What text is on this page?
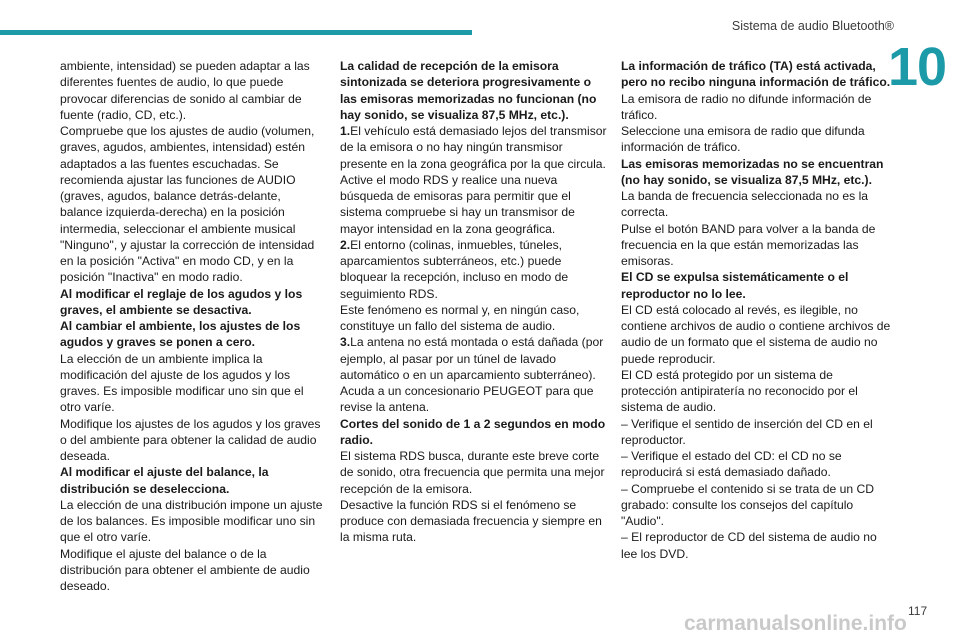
Sistema de audio Bluetooth®
10

ambiente, intensidad) se pueden adaptar a las diferentes fuentes de audio, lo que puede provocar diferencias de sonido al cambiar de fuente (radio, CD, etc.).

Compruebe que los ajustes de audio (volumen, graves, agudos, ambientes, intensidad) estén adaptados a las fuentes escuchadas. Se recomienda ajustar las funciones de AUDIO (graves, agudos, balance detrás-delante, balance izquierda-derecha) en la posición intermedia, seleccionar el ambiente musical "Ninguno", y ajustar la corrección de intensidad en la posición "Activa" en modo CD, y en la posición "Inactiva" en modo radio.

Al modificar el reglaje de los agudos y los graves, el ambiente se desactiva.

Al cambiar el ambiente, los ajustes de los agudos y graves se ponen a cero.

La elección de un ambiente implica la modificación del ajuste de los agudos y los graves. Es imposible modificar uno sin que el otro varíe.

Modifique los ajustes de los agudos y los graves o del ambiente para obtener la calidad de audio deseada.

Al modificar el ajuste del balance, la distribución se deselecciona.

La elección de una distribución impone un ajuste de los balances. Es imposible modificar uno sin que el otro varíe.

Modifique el ajuste del balance o de la distribución para obtener el ambiente de audio deseado.

La calidad de recepción de la emisora sintonizada se deteriora progresivamente o las emisoras memorizadas no funcionan (no hay sonido, se visualiza 87,5 MHz, etc.).

1.El vehículo está demasiado lejos del transmisor de la emisora o no hay ningún transmisor presente en la zona geográfica por la que circula.

Active el modo RDS y realice una nueva búsqueda de emisoras para permitir que el sistema compruebe si hay un transmisor de mayor intensidad en la zona geográfica.

2.El entorno (colinas, inmuebles, túneles, aparcamientos subterráneos, etc.) puede bloquear la recepción, incluso en modo de seguimiento RDS.

Este fenómeno es normal y, en ningún caso, constituye un fallo del sistema de audio.

3.La antena no está montada o está dañada (por ejemplo, al pasar por un túnel de lavado automático o en un aparcamiento subterráneo).

Acuda a un concesionario PEUGEOT para que revise la antena.

Cortes del sonido de 1 a 2 segundos en modo radio.

El sistema RDS busca, durante este breve corte de sonido, otra frecuencia que permita una mejor recepción de la emisora.

Desactive la función RDS si el fenómeno se produce con demasiada frecuencia y siempre en la misma ruta.

La información de tráfico (TA) está activada, pero no recibo ninguna información de tráfico.

La emisora de radio no difunde información de tráfico.

Seleccione una emisora de radio que difunda información de tráfico.

Las emisoras memorizadas no se encuentran (no hay sonido, se visualiza 87,5 MHz, etc.).

La banda de frecuencia seleccionada no es la correcta.

Pulse el botón BAND para volver a la banda de frecuencia en la que están memorizadas las emisoras.

El CD se expulsa sistemáticamente o el reproductor no lo lee.

El CD está colocado al revés, es ilegible, no contiene archivos de audio o contiene archivos de audio de un formato que el sistema de audio no puede reproducir.

El CD está protegido por un sistema de protección antipiratería no reconocido por el sistema de audio.

– Verifique el sentido de inserción del CD en el reproductor.

– Verifique el estado del CD: el CD no se reproducirá si está demasiado dañado.

– Compruebe el contenido si se trata de un CD grabado: consulte los consejos del capítulo "Audio".

– El reproductor de CD del sistema de audio no lee los DVD.

carmanualsonline.info
117
